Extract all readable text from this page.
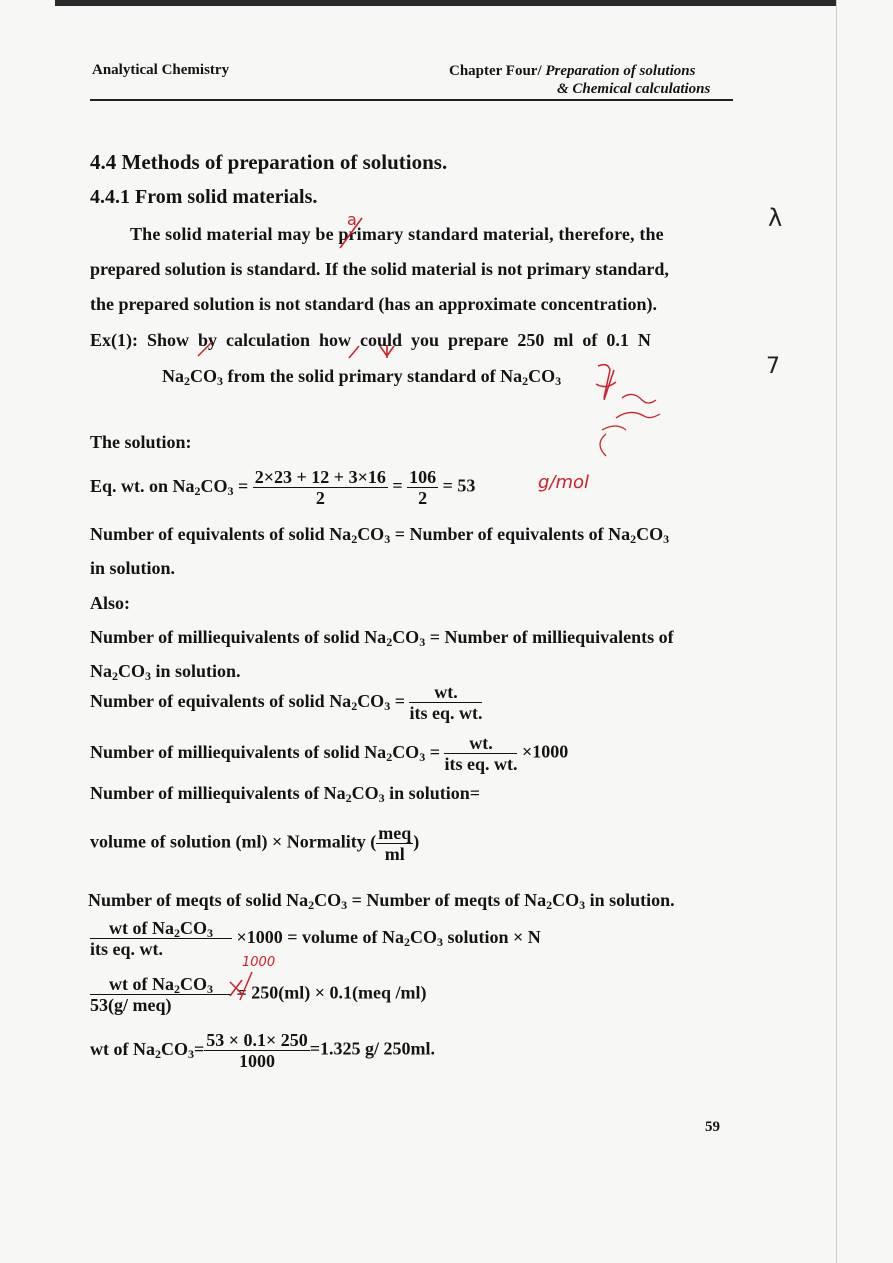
Analytical Chemistry	Chapter Four/ Preparation of solutions
& Chemical calculations
4.4 Methods of preparation of solutions.
4.4.1 From solid materials.
The solid material may be primary standard material, therefore, the
prepared solution is standard. If the solid material is not primary standard,
the prepared solution is not standard (has an approximate concentration).
Ex(1):  Show  by  calculation  how  could  you  prepare  250  ml  of  0.1  N
$Na_2CO_3$ from the solid primary standard of $Na_2CO_3$
The solution:
Eq. wt. on $Na_2CO_3 = \frac{2\times 23 + 12 + 3\times 16}{2} = \frac{106}{2} = 53$
Number of equivalents of solid $Na_2CO_3$ = Number of equivalents of $Na_2CO_3$
in solution.
Also:
Number of milliequivalents of solid $Na_2CO_3$ = Number of milliequivalents of
$Na_2CO_3$ in solution.
Number of equivalents of solid $Na_2CO_3$ =	wt.
its eq. wt.
Number of milliequivalents of solid $Na_2CO_3$ =	wt.
its eq. wt.
×1000
Number of milliequivalents of $Na_2CO_3$ in solution=
volume of solution (ml) × Normality ( meq
ml
)
Number of meqts of solid $Na_2CO_3$ = Number of meqts of $Na_2CO_3$ in solution.
wt of $Na_2CO_3$
its eq. wt.
×1000 = volume of $Na_2CO_3$ solution × N
wt of $Na_2CO_3$
53(g/ meq)
= 250(ml) × 0.1(meq /ml)
wt of $Na_2CO_3= \frac{53 \times 0.1\times 250}{1000} =1.325$ g/ 250ml.
59
a
g/mol
1000
λ
7
